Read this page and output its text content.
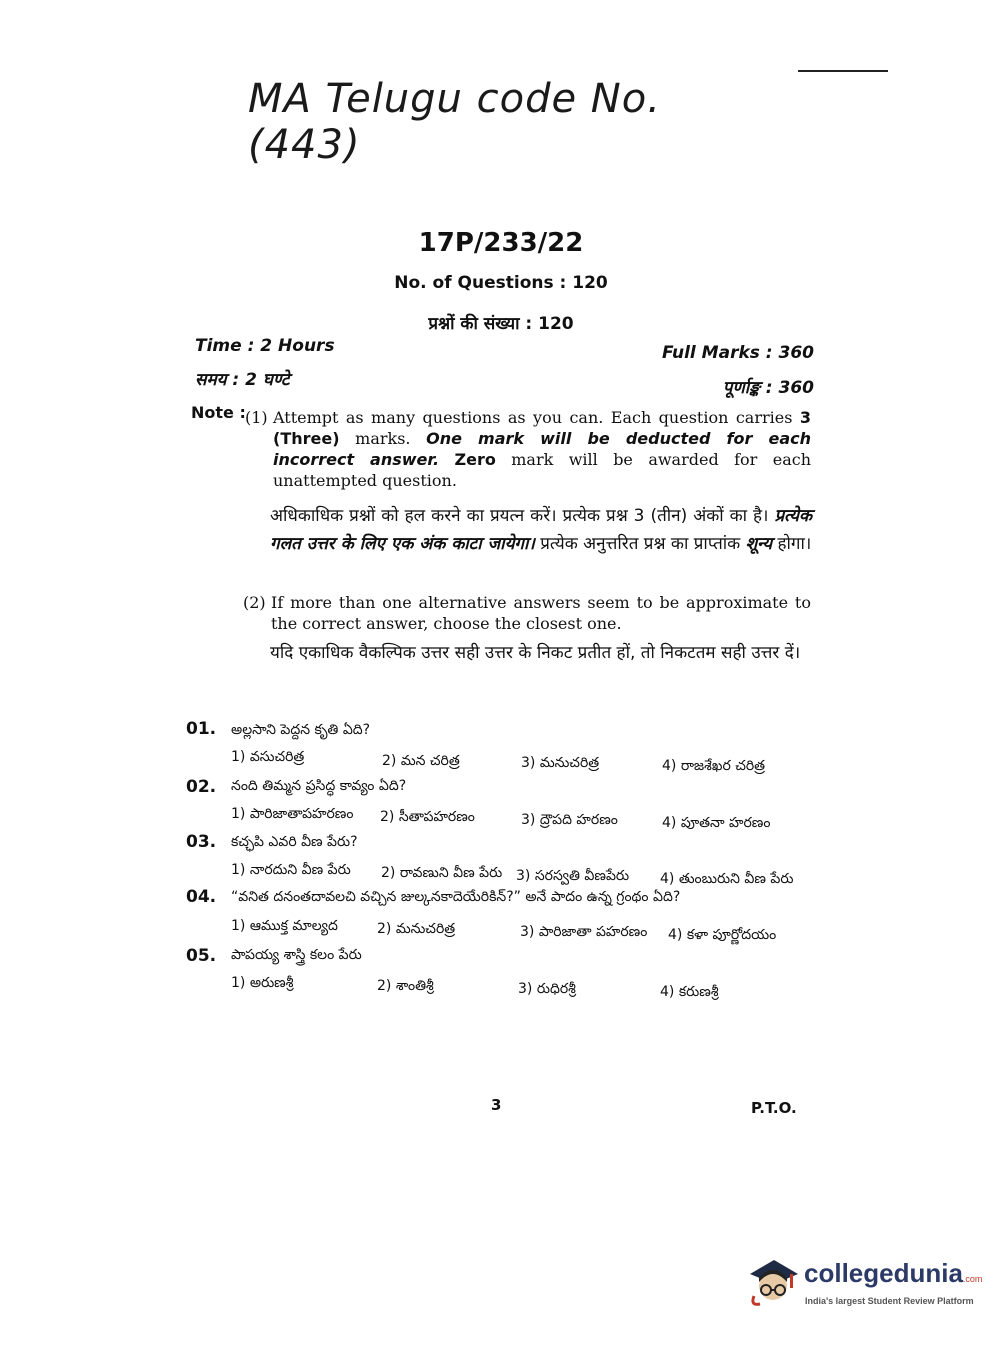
MA Telugu code No.(443)
17P/233/22
No. of Questions : 120
प्रश्नों की संख्या : 120
Time : 2 Hours
समय : 2 घण्टे
Full Marks : 360
पूर्णाङ्क : 360
Note : (1) Attempt as many questions as you can. Each question carries 3 (Three) marks. One mark will be deducted for each incorrect answer. Zero mark will be awarded for each unattempted question.
अधिकाधिक प्रश्नों को हल करने का प्रयत्न करें। प्रत्येक प्रश्न 3 (तीन) अंकों का है। प्रत्येक गलत उत्तर के लिए एक अंक काटा जायेगा। प्रत्येक अनुत्तरित प्रश्न का प्राप्तांक शून्य होगा।
(2) If more than one alternative answers seem to be approximate to the correct answer, choose the closest one.
यदि एकाधिक वैकल्पिक उत्तर सही उत्तर के निकट प्रतीत हों, तो निकटतम सही उत्तर दें।
01. అల్లసాని పెద్దన కృతి ఏది?
1) వసుచరిత్ర	2) మన చరిత్ర	3) మనుచరిత్ర	4) రాజశేఖర చరిత్ర
02. నంది తిమ్మన ప్రసిద్ధ కావ్యం ఏది?
1) పారిజాతాపహరణం 2) సీతాపహరణం	3) ద్రౌపది హరణం	4) పూతనా హరణం
03. కచ్ఛపి ఎవరి వీణ పేరు?
1) నారదుని వీణ పేరు 2) రావణుని వీణ పేరు 3) సరస్వతి వీణపేరు 4) తుంబురుని వీణ పేరు
04. “వనిత దనంతదావలచి వచ్చిన జుల్కనకాదెయేరికిన్?” అనే పాదం ఉన్న గ్రంథం ఏది?
1) ఆముక్త మాల్యద	2) మనుచరిత్ర	3) పారిజాతా పహరణం 4) కళా పూర్ణోదయం
05. పాపయ్య శాస్త్రి కలం పేరు
1) అరుణశ్రీ	2) శాంతిశ్రీ	3) రుధిరశ్రీ	4) కరుణశ్రీ
3	P.T.O.
collegedunia.com
India's largest Student Review Platform
